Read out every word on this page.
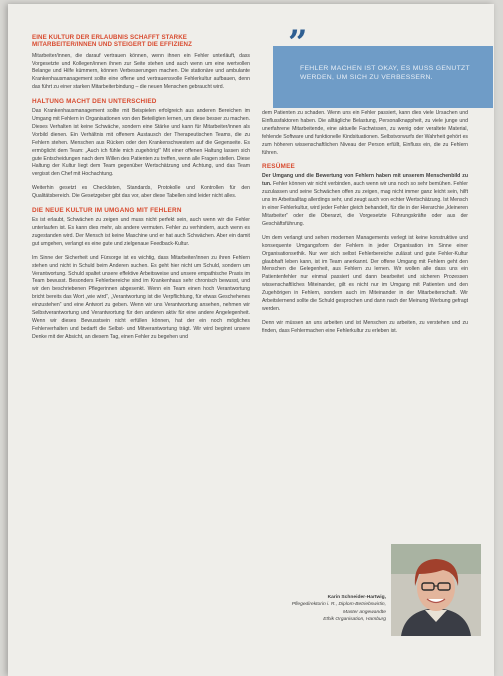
EINE KULTUR DER ERLAUBNIS SCHAFFT STARKE MITARBEITER/INNEN UND STEIGERT DIE EFFIZIENZ

Mitarbeiter/innen, die darauf vertrauen können, wenn ihnen ein Fehler unterläuft, dass Vorgesetzte und Kollegen/innen ihnen zur Seite stehen und auch wenn um eine wertvollen Belange und Hilfe kümmern, können Verbesserungen machen. Die stationäre und ambulante Krankenhausmanagement sollte eine offene und vertrauensvolle Fehlerkultur aufbauen, denn das führt zu einer starken Mitarbeiterbindung – die neuen Menschen gebraucht wird.

HALTUNG MACHT DEN UNTERSCHIED

Das Krankenhausmanagement sollte mit Beispielen erfolgreich aus anderen Bereichen im Umgang mit Fehlern in Organisationen von den Beteiligten lernen, um diese besser zu machen. Dieses Verhalten ist keine Schwäche, sondern eine Stärke und kann für Mitarbeiter/innen als Vorbild dienen. Ein Verhältnis mit offenem Austausch der Therapeutischen Teams, die zu Fehlern stehen. Menschen aus Rücken oder den Krankenschwestern auf die Gegenseite. Es ermöglicht dem Team: „Auch ich fühle mich zugehörig!“ Mit einer offenen Haltung lassen sich gute Entscheidungen nach dem Willen des Patienten zu treffen, wenn alle Fragen stellen. Diese Haltung der Kultur liegt dem Team gegenüber Wertschätzung und Achtung, und das Team vergisst den Chef mit Hochachtung.

Weiterhin gesetzt es Checklisten, Standards, Protokolle und Kontrollen für den Qualitätsbereich. Die Gesetzgeber gibt das vor, aber diese Tabellen sind leider nicht alles.

DIE NEUE KULTUR IM UMGANG MIT FEHLERN

Es ist erlaubt, Schwächen zu zeigen und muss nicht perfekt sein, auch wenn wir die Fehler unterlaufen ist. Es kann dies mehr, als andere vermuten. Fehler zu verhindern, auch wenn es zugestanden wird. Der Mensch ist keine Maschine und er hat auch Schwächen. Aber ein damit gut umgehen, verlangt es eine gute und zielgenaue Feedback-Kultur.

Im Sinne der Sicherheit und Fürsorge ist es wichtig, dass Mitarbeiter/innen zu ihren Fehlern stehen und nicht in Schuld beim Anderen suchen. Es geht hier nicht um Schuld, sondern um Verantwortung. Schuld spaltet unsere effektive Arbeitsweise und unsere empathische Praxis im Team bewusst. Besonders Fehlerbereiche sind im Krankenhaus sehr chronisch bewusst, und wir den beschriebenen Pflegerinnen abgesenkt. Wenn ein Team einen hoch Verantwortung bricht bereits das Wort „wie wird“, „Verantwortung ist die Verpflichtung, für etwas Geschehenes einzustehen“ und eine Antwort zu geben. Wenn wir uns Verantwortung ansehen, nehmen wir Selbstverantwortung und Verantwortung für den anderen aktiv für eine andere Angelegenheit. Wenn wir dieses Bewusstsein nicht erfüllen können, hat der ein noch mögliches Fehlerverhalten und bedarft die Selbst- und Mitverantwortung trägt. Wir wird beginnt unsere Denke mit der Absicht, an diesem Tag, einen Fehler zu begehen und

”
FEHLER MACHEN IST OKAY, ES MUSS GENUTZT WERDEN, UM SICH ZU VERBESSERN.

dem Patienten zu schaden. Wenn uns ein Fehler passiert, kann dies viele Ursachen und Einflussfaktoren haben. Die alltägliche Belastung, Personalknappheit, zu viele junge und unerfahrene Mitarbeitende, eine aktuelle Fachwissen, zu wenig oder veraltete Material, fehlende Software und funktionelle Kindsituationen. Selbstvorwurfs der Wahrheit gehört es zum höheren wissenschaftlichen Niveau der Person erfüllt, Einfluss ein, die zu Fehlern führen.

RESÜMEE

Der Umgang und die Bewertung von Fehlern haben mit unserem Menschenbild zu tun. Fehler können wir nicht verbinden, auch wenn wir uns noch so sehr bemühen. Fehler zuzulassen und seine Schwächen offen zu zeigen, mag nicht immer ganz leicht sein, hilft uns im Arbeitsalltag allerdings sehr, und zeugt auch von echter Wertschätzung. Ist Mensch in einer Fehlerkultur, wird jeder Fehler gleich behandelt, für die in der Hierarchie „kleineren Mitarbeiter“ oder die Oberarzt, die Vorgesetzte Führungskräfte oder aus der Geschäftsführung.

Um dem verlangt und sehen modernen Managements verlegt ist keine konstruktive und konsequente Umgangsform der Fehlern in jeder Organisation im Sinne einer Organisationsethik. Nur wer sich selbst Fehlerbereiche zulässt und gute Fehler-Kultur glaubhaft leben kann, ist im Team anerkannt. Der offene Umgang mit Fehlern geht den Menschen die Gelegenheit, aus Fehlern zu lernen. Wir wollen alle dass uns ein Patientenfehler nur einmal passiert und dann bearbeitet und sicheren Prozessen wissenschaftliches Miteinander, gilt es nicht nur im Umgang mit Patienten und den Zugehörigen in Fehlern, sondern auch im Miteinander in der Mitarbeiterschaft. Wir Arbeitslernend sollte die Schuld gesprochen und dann nach der Meinung Werbung gefragt werden.

Denn wir müssen an uns arbeiten und ist Menschen zu arbeiten, zu verstehen und zu finden, dass Fehlermachen eine Fehlerkultur zu erleben ist.

Karin Schneider-Hartwig,
Pflegedirektorin i. R., Diplom-Betriebswirtin, Master angewandte
Ethik Organisation, Hamburg
